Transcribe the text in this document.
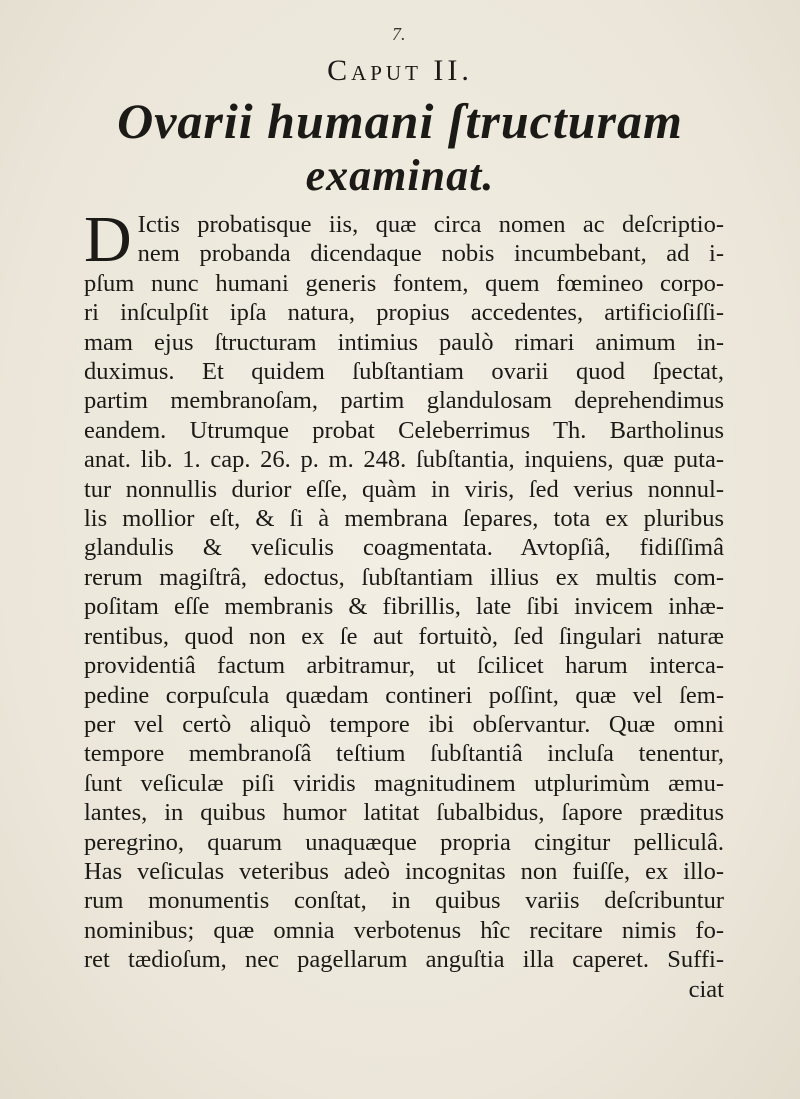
7.
Caput II.
Ovarii humani ſtructuram
examinat.
D Ictis probatisque iis, quæ circa nomen ac deſcriptio-
nem probanda dicendaque nobis incumbebant, ad i-
pſum nunc humani generis fontem, quem fœmineo corpo-
ri inſculpſit ipſa natura, propius accedentes, artificioſiſſi-
mam ejus ſtructuram intimius paulò rimari animum in-
duximus. Et quidem ſubſtantiam ovarii quod ſpectat,
partim membranoſam, partim glandulosam deprehendimus
eandem. Utrumque probat Celeberrimus Th. Bartholinus
anat. lib. 1. cap. 26. p. m. 248. ſubſtantia, inquiens, quæ puta-
tur nonnullis durior eſſe, quàm in viris, ſed verius nonnul-
lis mollior eſt, & ſi à membrana ſepares, tota ex pluribus
glandulis & veſiculis coagmentata. Avtopſiâ, fidiſſimâ
rerum magiſtrâ, edoctus, ſubſtantiam illius ex multis com-
poſitam eſſe membranis & fibrillis, late ſibi invicem inhæ-
rentibus, quod non ex ſe aut fortuitò, ſed ſingulari naturæ
providentiâ factum arbitramur, ut ſcilicet harum interca-
pedine corpuſcula quædam contineri poſſint, quæ vel ſem-
per vel certò aliquò tempore ibi obſervantur. Quæ omni
tempore membranoſâ teſtium ſubſtantiâ incluſa tenentur,
ſunt veſiculæ piſi viridis magnitudinem utplurimùm æmu-
lantes, in quibus humor latitat ſubalbidus, ſapore præditus
peregrino, quarum unaquæque propria cingitur pelliculâ.
Has veſiculas veteribus adeò incognitas non fuiſſe, ex illo-
rum monumentis conſtat, in quibus variis deſcribuntur
nominibus; quæ omnia verbotenus hîc recitare nimis fo-
ret tædioſum, nec pagellarum anguſtia illa caperet. Suffi-
ciat
